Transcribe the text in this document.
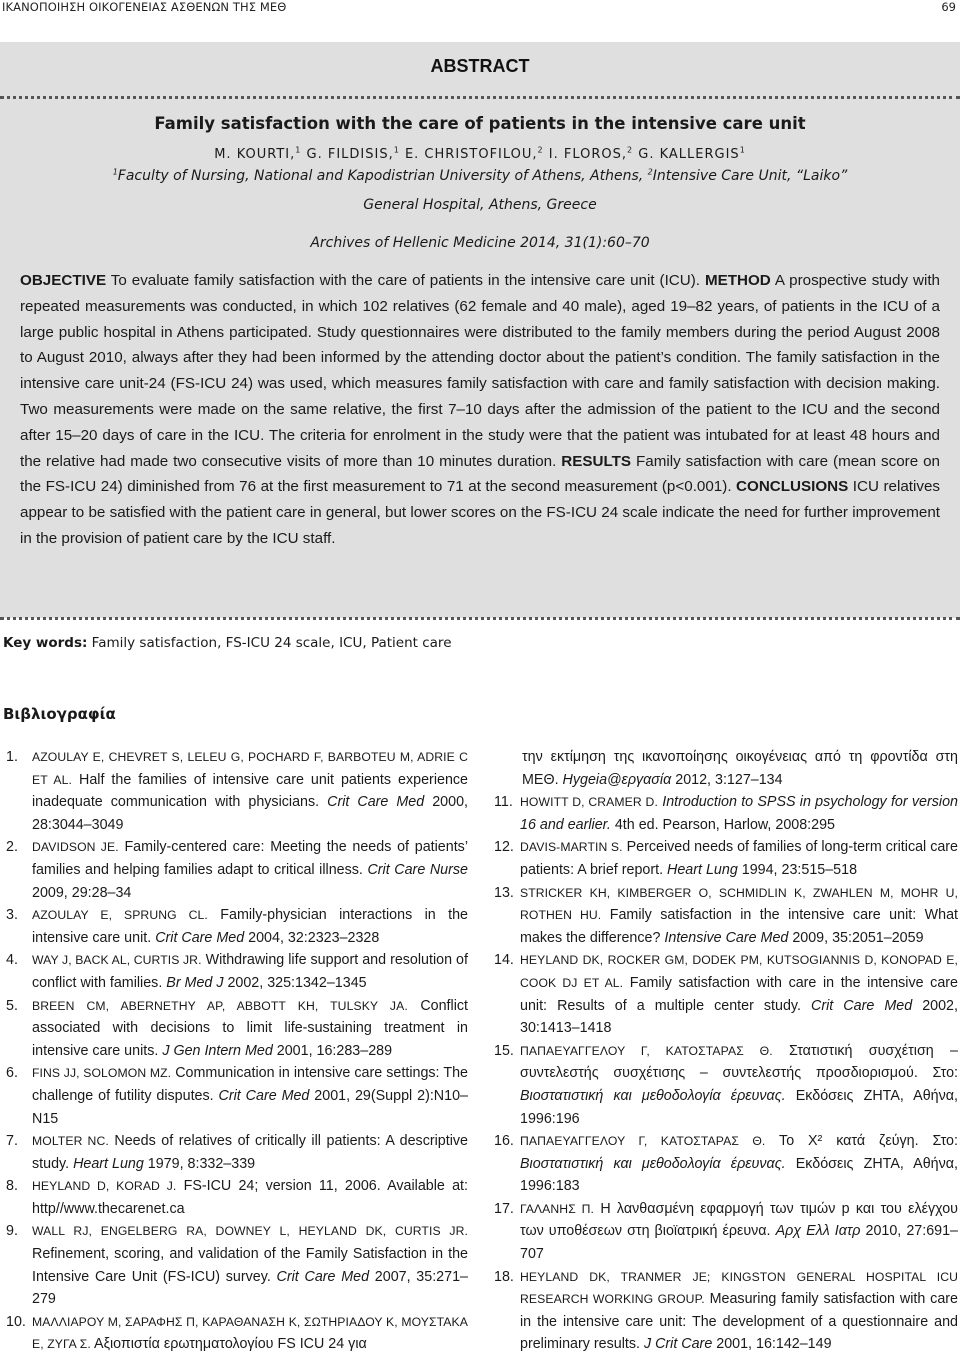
ΙΚΑΝΟΠΟΙΗΣΗ ΟΙΚΟΓΕΝΕΙΑΣ ΑΣΘΕΝΩΝ ΤΗΣ ΜΕΘ	69
ABSTRACT
Family satisfaction with the care of patients in the intensive care unit
M. KOURTI,$^1$ G. FILDISIS,$^1$ E. CHRISTOFILOU,$^2$ I. FLOROS,$^2$ G. KALLERGIS$^1$
$^1$Faculty of Nursing, National and Kapodistrian University of Athens, Athens, $^2$Intensive Care Unit, “Laiko”
General Hospital, Athens, Greece
Archives of Hellenic Medicine 2014, 31(1):60–70
OBJECTIVE To evaluate family satisfaction with the care of patients in the intensive care unit (ICU). METHOD A prospective study with repeated measurements was conducted, in which 102 relatives (62 female and 40 male), aged 19–82 years, of patients in the ICU of a large public hospital in Athens participated. Study questionnaires were distributed to the family members during the period August 2008 to August 2010, always after they had been informed by the attending doctor about the patient’s condition. The family satisfaction in the intensive care unit-24 (FS-ICU 24) was used, which measures family satisfaction with care and family satisfaction with decision making. Two measurements were made on the same relative, the first 7–10 days after the admission of the patient to the ICU and the second after 15–20 days of care in the ICU. The criteria for enrolment in the study were that the patient was intubated for at least 48 hours and the relative had made two consecutive visits of more than 10 minutes duration. RESULTS Family satisfaction with care (mean score on the FS-ICU 24) diminished from 76 at the first measurement to 71 at the second measurement (p<0.001). CONCLUSIONS ICU relatives appear to be satisfied with the patient care in general, but lower scores on the FS-ICU 24 scale indicate the need for further improvement in the provision of patient care by the ICU staff.
Key words: Family satisfaction, FS-ICU 24 scale, ICU, Patient care
Βιβλιογραφία
1. AZOULAY E, CHEVRET S, LELEU G, POCHARD F, BARBOTEU M, ADRIE C ET AL. Half the families of intensive care unit patients experience inadequate communication with physicians. Crit Care Med 2000, 28:3044–3049
2. DAVIDSON JE. Family-centered care: Meeting the needs of patients’ families and helping families adapt to critical illness. Crit Care Nurse 2009, 29:28–34
3. AZOULAY E, SPRUNG CL. Family-physician interactions in the intensive care unit. Crit Care Med 2004, 32:2323–2328
4. WAY J, BACK AL, CURTIS JR. Withdrawing life support and resolution of conflict with families. Br Med J 2002, 325:1342–1345
5. BREEN CM, ABERNETHY AP, ABBOTT KH, TULSKY JA. Conflict associated with decisions to limit life-sustaining treatment in intensive care units. J Gen Intern Med 2001, 16:283–289
6. FINS JJ, SOLOMON MZ. Communication in intensive care settings: The challenge of futility disputes. Crit Care Med 2001, 29(Suppl 2):N10–N15
7. MOLTER NC. Needs of relatives of critically ill patients: A descriptive study. Heart Lung 1979, 8:332–339
8. HEYLAND D, KORAD J. FS-ICU 24; version 11, 2006. Available at: http//www.thecarenet.ca
9. WALL RJ, ENGELBERG RA, DOWNEY L, HEYLAND DK, CURTIS JR. Refinement, scoring, and validation of the Family Satisfaction in the Intensive Care Unit (FS-ICU) survey. Crit Care Med 2007, 35:271–279
10. ΜΑΛΛΙΑΡΟΥ Μ, ΣΑΡΑΦΗΣ Π, ΚΑΡΑΘΑΝΑΣΗ Κ, ΣΩΤΗΡΙΑΔΟΥ Κ, ΜΟΥΣΤΑΚΑ Ε, ΖΥΓΑ Σ. Αξιοπιστία ερωτηματολογίου FS ICU 24 για
την εκτίμηση της ικανοποίησης οικογένειας από τη φροντίδα στη ΜΕΘ. Hygeia@εργασία 2012, 3:127–134
11. HOWITT D, CRAMER D. Introduction to SPSS in psychology for version 16 and earlier. 4th ed. Pearson, Harlow, 2008:295
12. DAVIS-MARTIN S. Perceived needs of families of long-term critical care patients: A brief report. Heart Lung 1994, 23:515–518
13. STRICKER KH, KIMBERGER O, SCHMIDLIN K, ZWAHLEN M, MOHR U, ROTHEN HU. Family satisfaction in the intensive care unit: What makes the difference? Intensive Care Med 2009, 35:2051–2059
14. HEYLAND DK, ROCKER GM, DODEK PM, KUTSOGIANNIS D, KONOPAD E, COOK DJ ET AL. Family satisfaction with care in the intensive care unit: Results of a multiple center study. Crit Care Med 2002, 30:1413–1418
15. ΠΑΠΑΕΥΑΓΓΕΛΟΥ Γ, ΚΑΤΟΣΤΑΡΑΣ Θ. Στατιστική συσχέτιση – συντελεστής συσχέτισης – συντελεστής προσδιορισμού. Στο: Βιοστατιστική και μεθοδολογία έρευνας. Εκδόσεις ΖΗΤΑ, Αθήνα, 1996:196
16. ΠΑΠΑΕΥΑΓΓΕΛΟΥ Γ, ΚΑΤΟΣΤΑΡΑΣ Θ. Το Χ² κατά ζεύγη. Στο: Βιοστατιστική και μεθοδολογία έρευνας. Εκδόσεις ΖΗΤΑ, Αθήνα, 1996:183
17. ΓΑΛΑΝΗΣ Π. Η λανθασμένη εφαρμογή των τιμών p και του ελέγχου των υποθέσεων στη βιοϊατρική έρευνα. Αρχ Ελλ Ιατρ 2010, 27:691–707
18. HEYLAND DK, TRANMER JE; KINGSTON GENERAL HOSPITAL ICU RESEARCH WORKING GROUP. Measuring family satisfaction with care in the intensive care unit: The development of a questionnaire and preliminary results. J Crit Care 2001, 16:142–149
